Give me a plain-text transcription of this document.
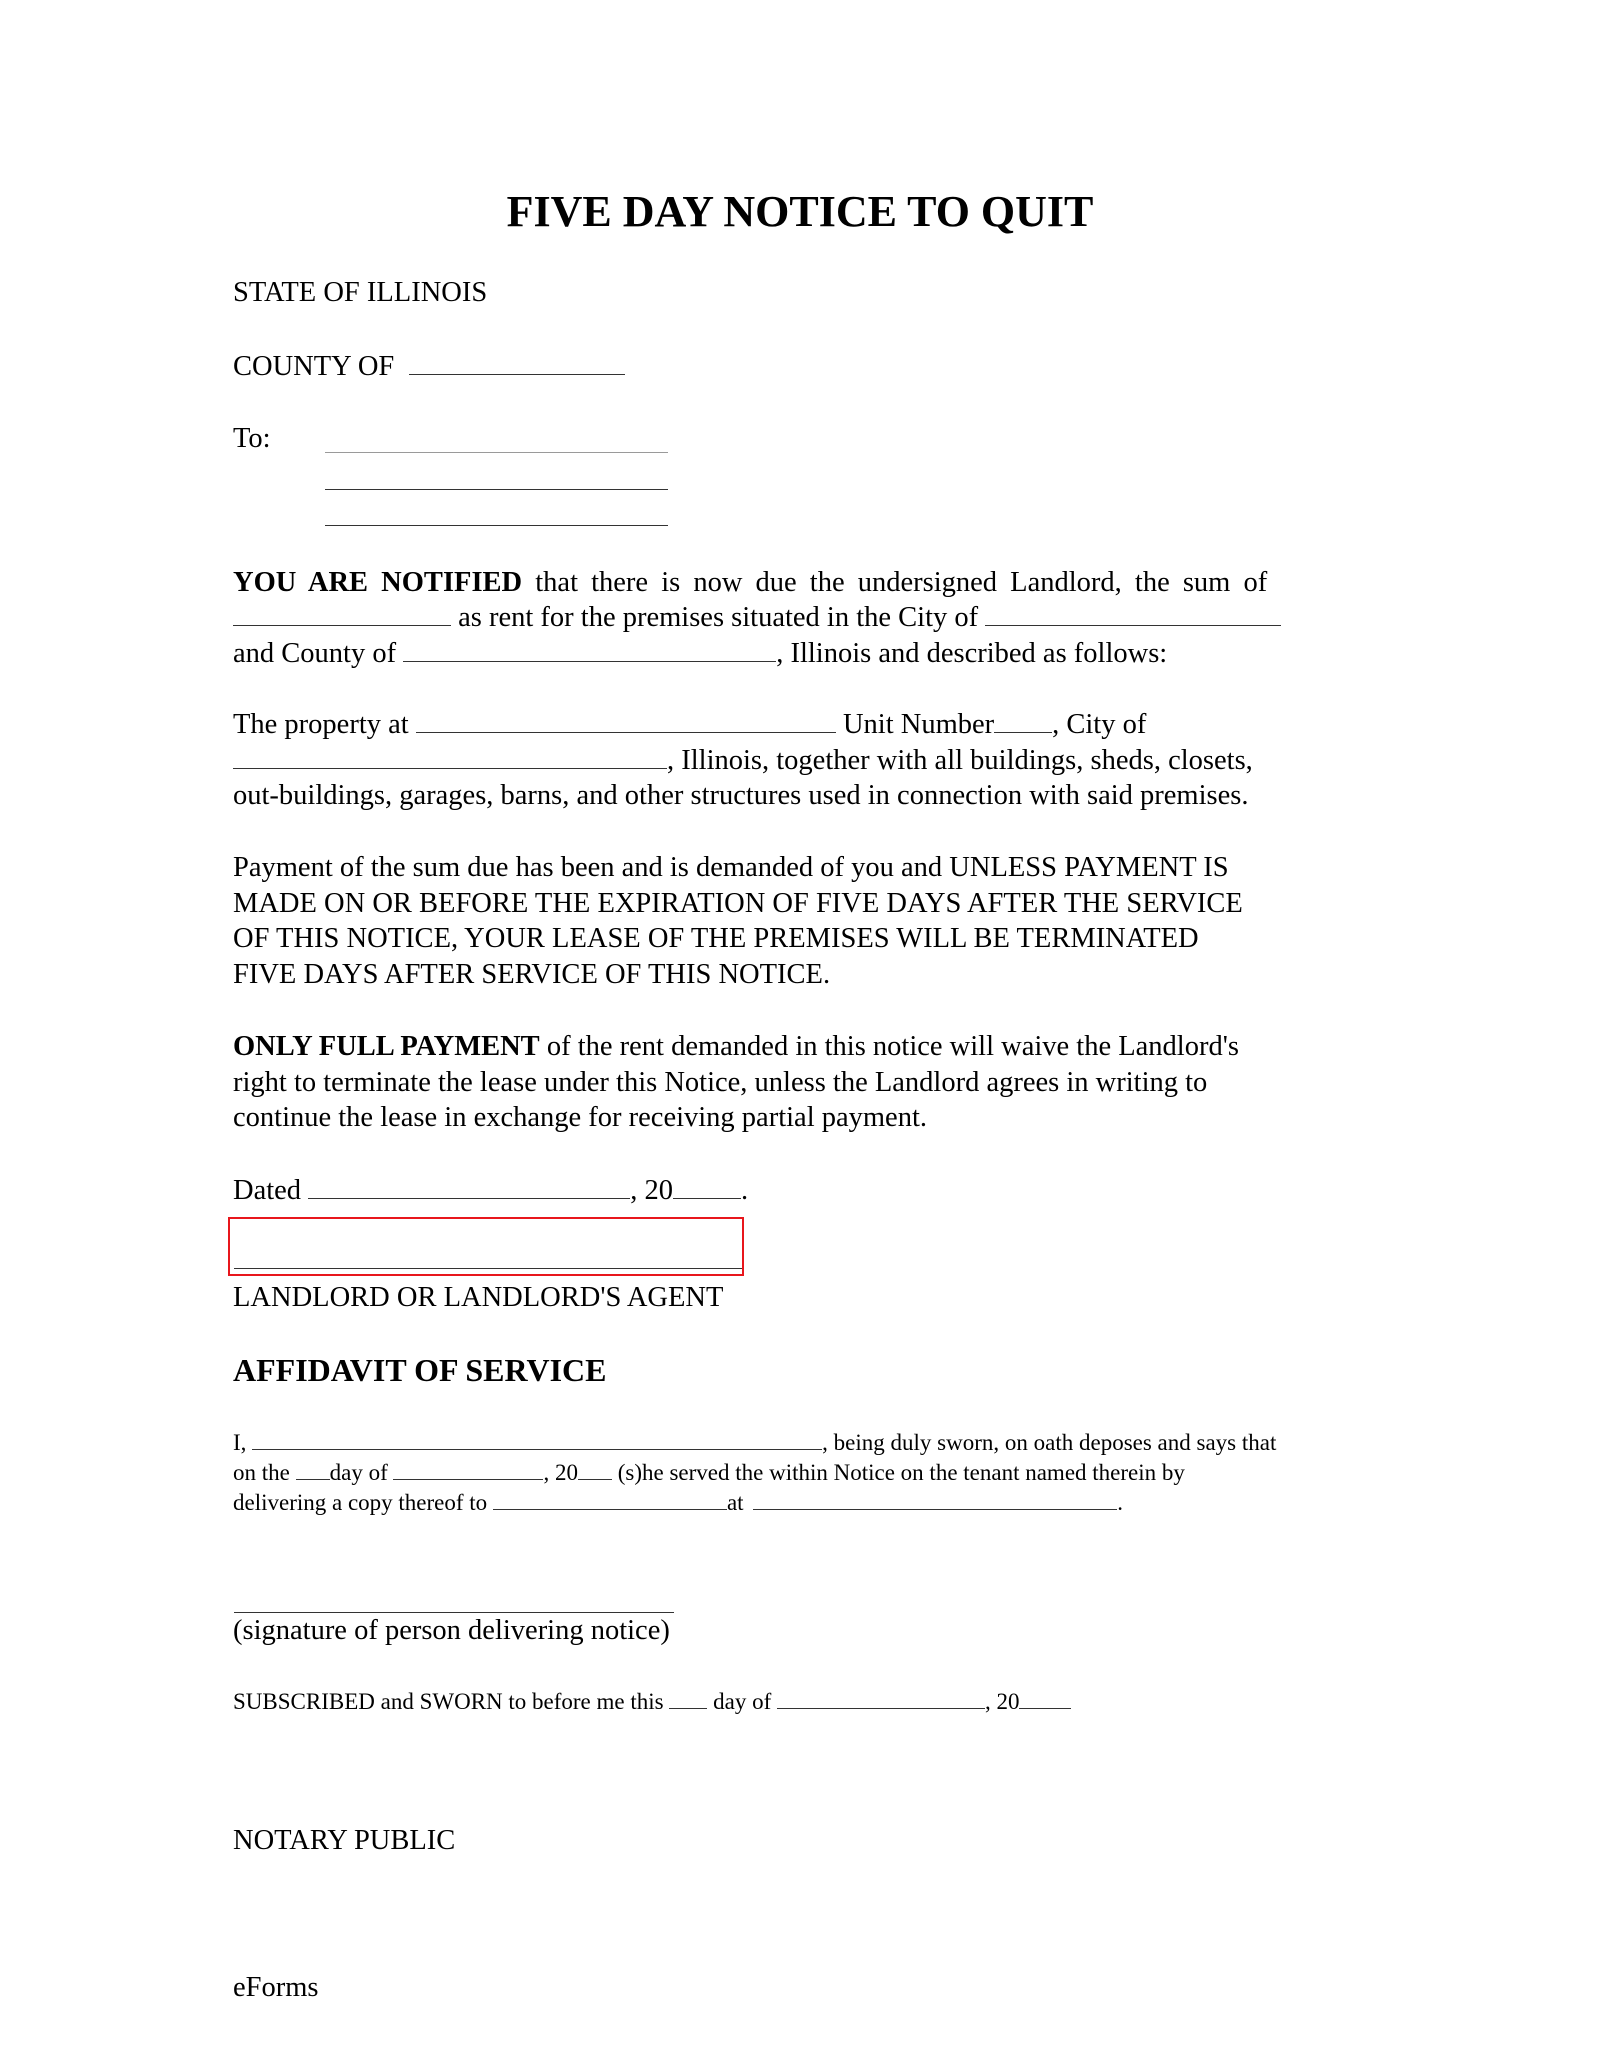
FIVE DAY NOTICE TO QUIT
STATE OF ILLINOIS
COUNTY OF
To:
YOU ARE NOTIFIED that there is now due the undersigned Landlord, the sum of
as rent for the premises situated in the City of
and County of	, Illinois and described as follows:
The property at	Unit Number , City of
, Illinois, together with all buildings, sheds, closets,
out-buildings, garages, barns, and other structures used in connection with said premises.
Payment of the sum due has been and is demanded of you and UNLESS PAYMENT IS
MADE ON OR BEFORE THE EXPIRATION OF FIVE DAYS AFTER THE SERVICE
OF THIS NOTICE, YOUR LEASE OF THE PREMISES WILL BE TERMINATED
FIVE DAYS AFTER SERVICE OF THIS NOTICE.
ONLY FULL PAYMENT of the rent demanded in this notice will waive the Landlord's
right to terminate the lease under this Notice, unless the Landlord agrees in writing to
continue the lease in exchange for receiving partial payment.
Dated	, 20 .
LANDLORD OR LANDLORD'S AGENT
AFFIDAVIT OF SERVICE
I,	, being duly sworn, on oath deposes and says that
on the day of	, 20 (s)he served the within Notice on the tenant named therein by
delivering a copy thereof to	at	.
(signature of person delivering notice)
SUBSCRIBED and SWORN to before me this  day of	, 20
NOTARY PUBLIC
eForms
